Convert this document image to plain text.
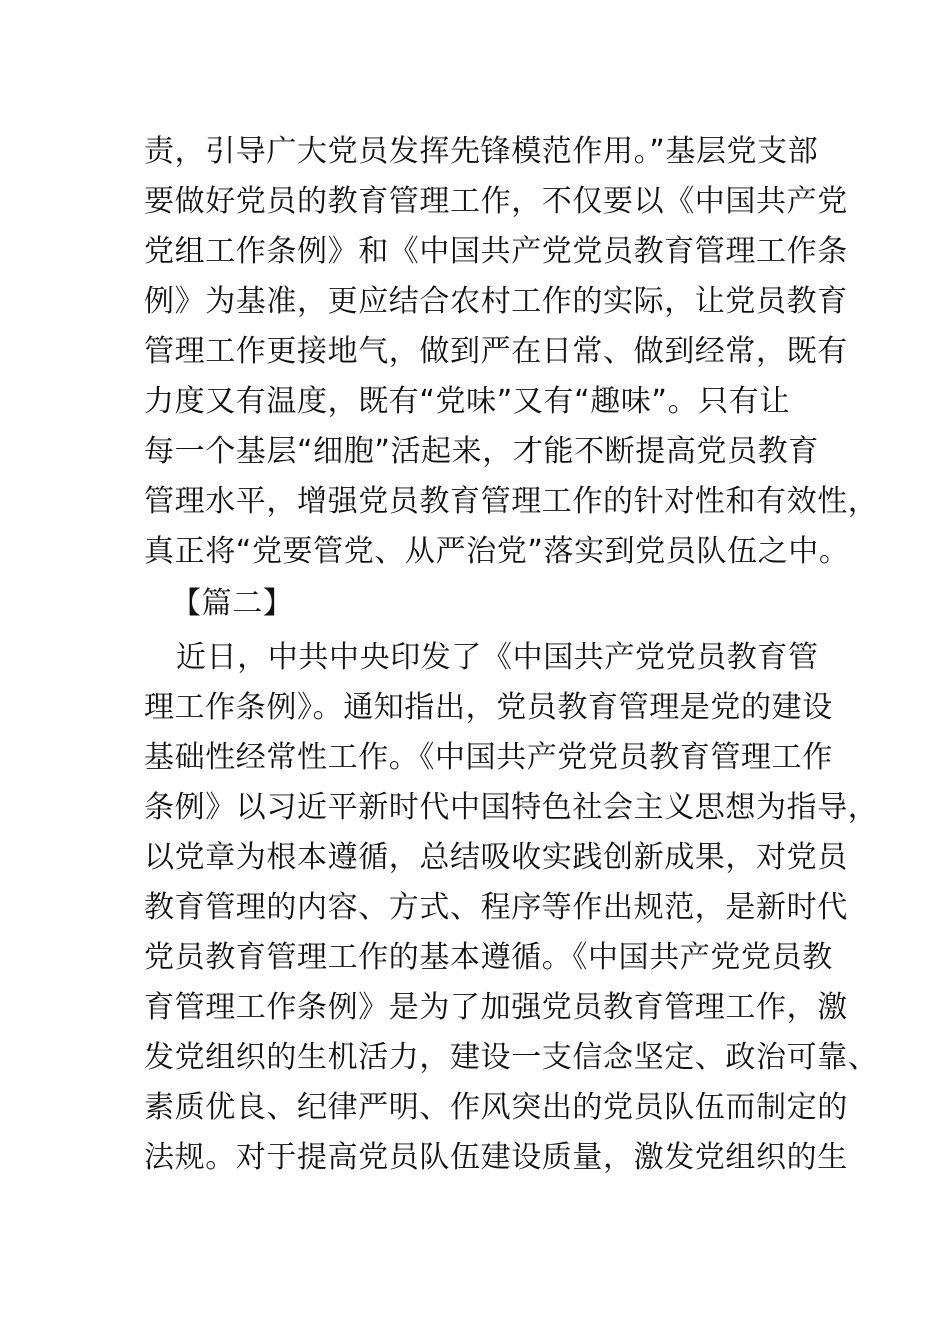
责，引导广大党员发挥先锋模范作用。”基层党支部
要做好党员的教育管理工作，不仅要以《中国共产党
党组工作条例》和《中国共产党党员教育管理工作条
例》为基准，更应结合农村工作的实际，让党员教育
管理工作更接地气，做到严在日常、做到经常，既有
力度又有温度，既有“党味”又有“趣味”。只有让
每一个基层“细胞”活起来，才能不断提高党员教育
管理水平，增强党员教育管理工作的针对性和有效性，
真正将“党要管党、从严治党”落实到党员队伍之中。
【篇二】
近日，中共中央印发了《中国共产党党员教育管
理工作条例》。通知指出，党员教育管理是党的建设
基础性经常性工作。《中国共产党党员教育管理工作
条例》以习近平新时代中国特色社会主义思想为指导，
以党章为根本遵循，总结吸收实践创新成果，对党员
教育管理的内容、方式、程序等作出规范，是新时代
党员教育管理工作的基本遵循。《中国共产党党员教
育管理工作条例》是为了加强党员教育管理工作，激
发党组织的生机活力，建设一支信念坚定、政治可靠、
素质优良、纪律严明、作风突出的党员队伍而制定的
法规。对于提高党员队伍建设质量，激发党组织的生
